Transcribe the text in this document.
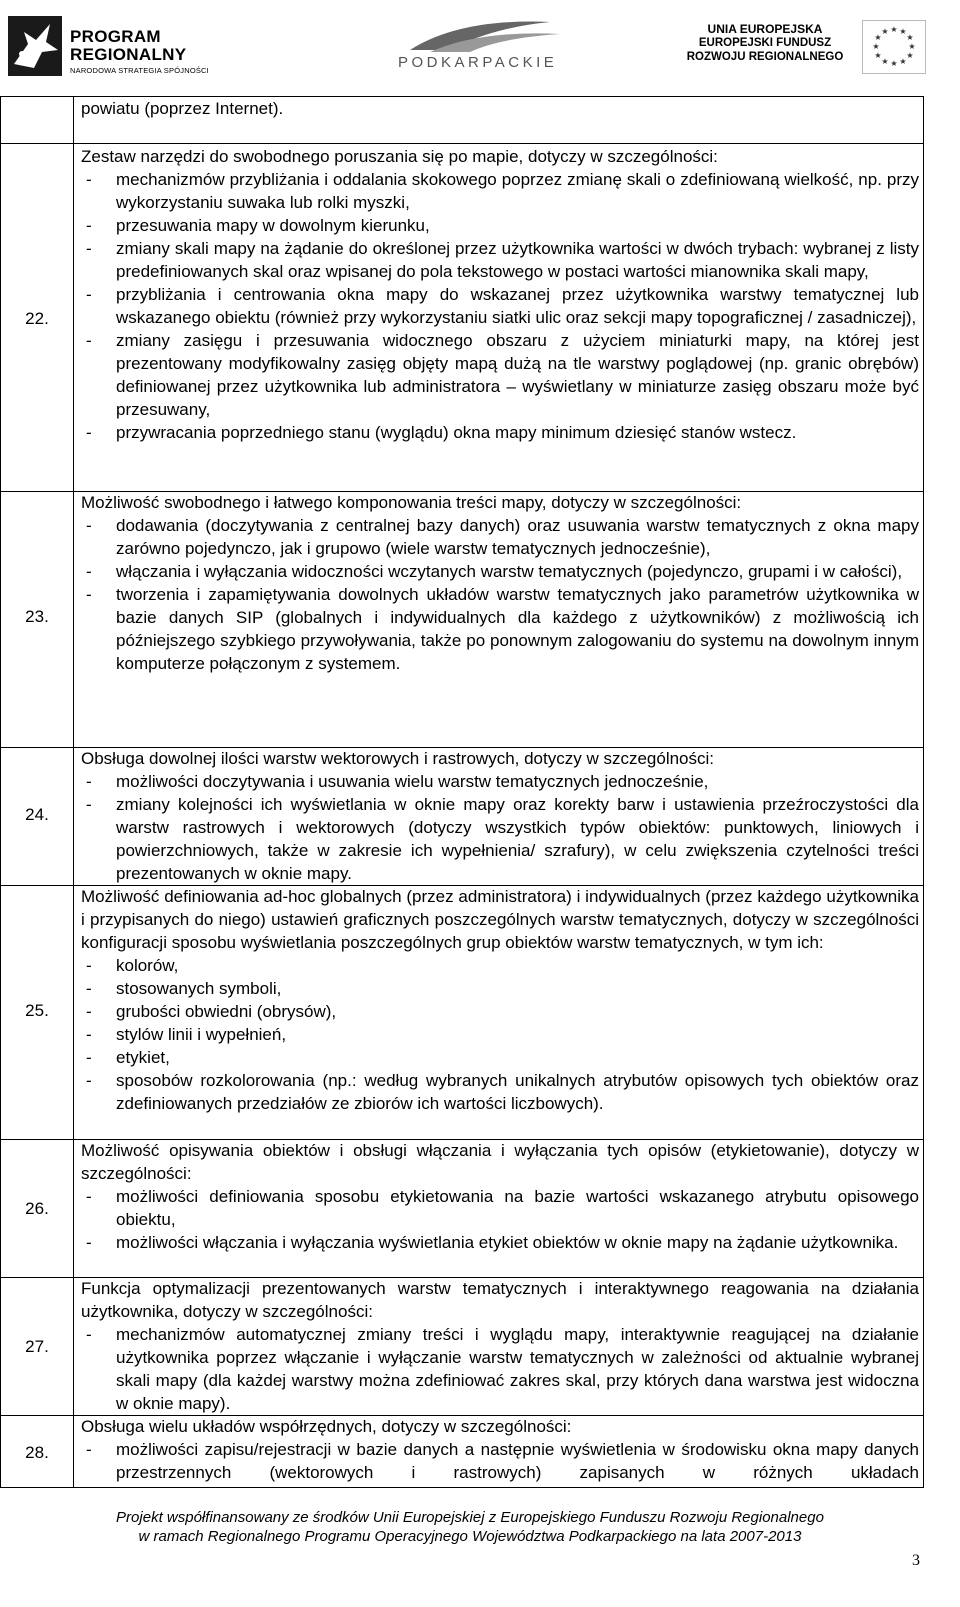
PROGRAM
REGIONALNY
NARODOWA STRATEGIA SPÓJNOŚCI	PODKARPACKIE
UNIA EUROPEJSKA
EUROPEJSKI FUNDUSZ
ROZWOJU REGIONALNEGO
★ ★
★
★
★
★
★
★
★
★
★
★
powiatu (poprzez Internet).
22.
Zestaw narzędzi do swobodnego poruszania się po mapie, dotyczy w szczególności:
- mechanizmów przybliżania i oddalania skokowego poprzez zmianę skali o zdefiniowaną wielkość, np. przy wykorzystaniu suwaka lub rolki myszki,
- przesuwania mapy w dowolnym kierunku,
- zmiany skali mapy na żądanie do określonej przez użytkownika wartości w dwóch trybach: wybranej z listy predefiniowanych skal oraz wpisanej do pola tekstowego w postaci wartości mianownika skali mapy,
- przybliżania i centrowania okna mapy do wskazanej przez użytkownika warstwy tematycznej lub wskazanego obiektu (również przy wykorzystaniu siatki ulic oraz sekcji mapy topograficznej / zasadniczej),
- zmiany zasięgu i przesuwania widocznego obszaru z użyciem miniaturki mapy, na której jest prezentowany modyfikowalny zasięg objęty mapą dużą na tle warstwy poglądowej (np. granic obrębów) definiowanej przez użytkownika lub administratora – wyświetlany w miniaturze zasięg obszaru może być przesuwany,
- przywracania poprzedniego stanu (wyglądu) okna mapy minimum dziesięć stanów wstecz.
23.
Możliwość swobodnego i łatwego komponowania treści mapy, dotyczy w szczególności:
- dodawania (doczytywania z centralnej bazy danych) oraz usuwania warstw tematycznych z okna mapy zarówno pojedynczo, jak i grupowo (wiele warstw tematycznych jednocześnie),
- włączania i wyłączania widoczności wczytanych warstw tematycznych (pojedynczo, grupami i w całości),
- tworzenia i zapamiętywania dowolnych układów warstw tematycznych jako parametrów użytkownika w bazie danych SIP (globalnych i indywidualnych dla każdego z użytkowników) z możliwością ich późniejszego szybkiego przywoływania, także po ponownym zalogowaniu do systemu na dowolnym innym komputerze połączonym z systemem.
24.
Obsługa dowolnej ilości warstw wektorowych i rastrowych, dotyczy w szczególności:
- możliwości doczytywania i usuwania wielu warstw tematycznych jednocześnie,
- zmiany kolejności ich wyświetlania w oknie mapy oraz korekty barw i ustawienia przeźroczystości dla warstw rastrowych i wektorowych (dotyczy wszystkich typów obiektów: punktowych, liniowych i powierzchniowych, także w zakresie ich wypełnienia/ szrafury), w celu zwiększenia czytelności treści prezentowanych w oknie mapy.
25.
Możliwość definiowania ad-hoc globalnych (przez administratora) i indywidualnych (przez każdego użytkownika i przypisanych do niego) ustawień graficznych poszczególnych warstw tematycznych, dotyczy w szczególności konfiguracji sposobu wyświetlania poszczególnych grup obiektów warstw tematycznych, w tym ich:
- kolorów,
- stosowanych symboli,
- grubości obwiedni (obrysów),
- stylów linii i wypełnień,
- etykiet,
- sposobów rozkolorowania (np.: według wybranych unikalnych atrybutów opisowych tych obiektów oraz zdefiniowanych przedziałów ze zbiorów ich wartości liczbowych).
26.
Możliwość opisywania obiektów i obsługi włączania i wyłączania tych opisów (etykietowanie), dotyczy w szczególności:
- możliwości definiowania sposobu etykietowania na bazie wartości wskazanego atrybutu opisowego obiektu,
- możliwości włączania i wyłączania wyświetlania etykiet obiektów w oknie mapy na żądanie użytkownika.
27.
Funkcja optymalizacji prezentowanych warstw tematycznych i interaktywnego reagowania na działania użytkownika, dotyczy w szczególności:
- mechanizmów automatycznej zmiany treści i wyglądu mapy, interaktywnie reagującej na działanie użytkownika poprzez włączanie i wyłączanie warstw tematycznych w zależności od aktualnie wybranej skali mapy (dla każdej warstwy można zdefiniować zakres skal, przy których dana warstwa jest widoczna w oknie mapy).
28.
Obsługa wielu układów współrzędnych, dotyczy w szczególności:
- możliwości zapisu/rejestracji w bazie danych a następnie wyświetlenia w środowisku okna mapy danych przestrzennych (wektorowych i rastrowych) zapisanych w różnych układach
Projekt współfinansowany ze środków Unii Europejskiej z Europejskiego Funduszu Rozwoju Regionalnego
w ramach Regionalnego Programu Operacyjnego Województwa Podkarpackiego na lata 2007-2013
3
